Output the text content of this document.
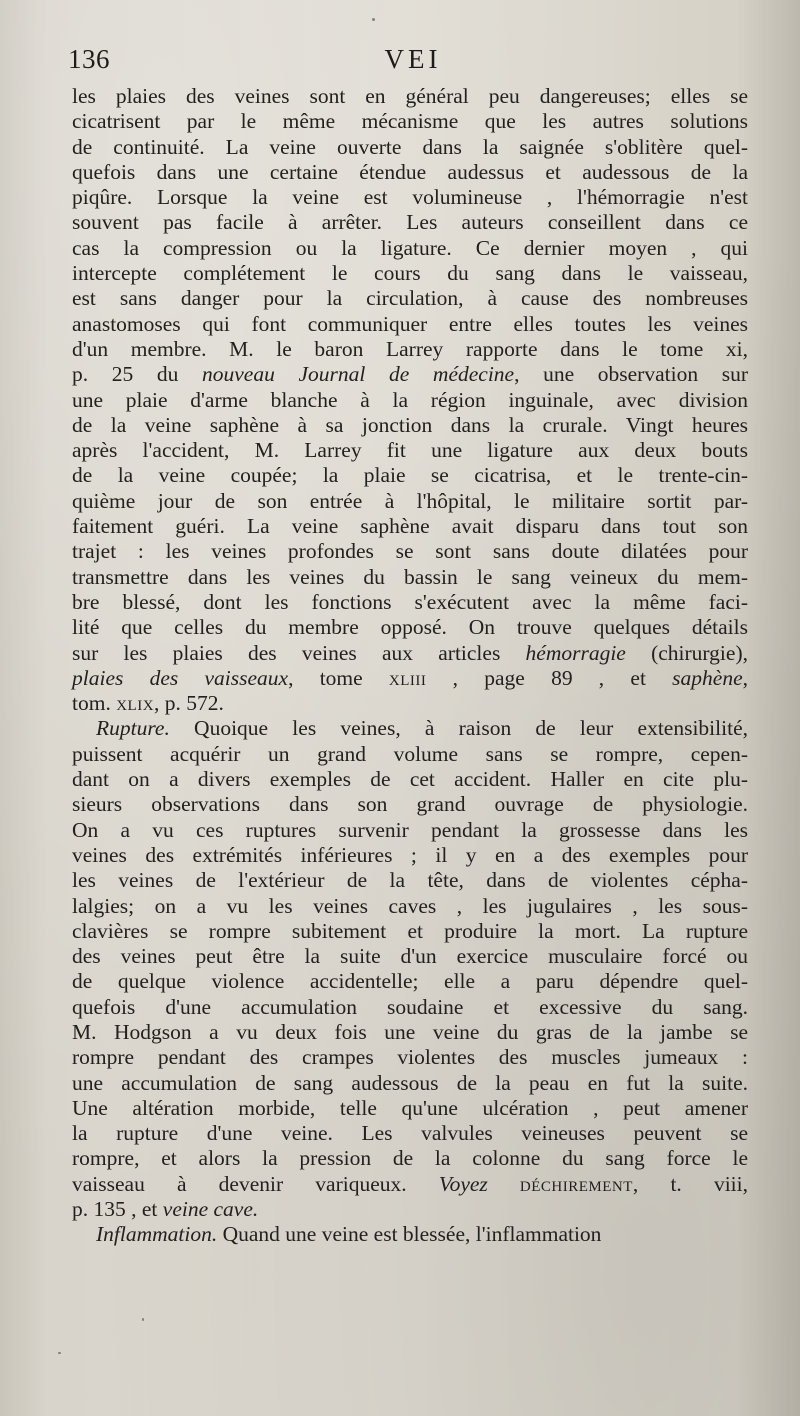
136	VEI
les plaies des veines sont en général peu dangereuses; elles se
cicatrisent par le même mécanisme que les autres solutions
de continuité. La veine ouverte dans la saignée s'oblitère quel-
quefois dans une certaine étendue audessus et audessous de la
piqûre. Lorsque la veine est volumineuse , l'hémorragie n'est
souvent pas facile à arrêter. Les auteurs conseillent dans ce
cas la compression ou la ligature. Ce dernier moyen , qui
intercepte complétement le cours du sang dans le vaisseau,
est sans danger pour la circulation, à cause des nombreuses
anastomoses qui font communiquer entre elles toutes les veines
d'un membre. M. le baron Larrey rapporte dans le tome xi,
p. 25 du nouveau Journal de médecine, une observation sur
une plaie d'arme blanche à la région inguinale, avec division
de la veine saphène à sa jonction dans la crurale. Vingt heures
après l'accident, M. Larrey fit une ligature aux deux bouts
de la veine coupée; la plaie se cicatrisa, et le trente-cin-
quième jour de son entrée à l'hôpital, le militaire sortit par-
faitement guéri. La veine saphène avait disparu dans tout son
trajet : les veines profondes se sont sans doute dilatées pour
transmettre dans les veines du bassin le sang veineux du mem-
bre blessé, dont les fonctions s'exécutent avec la même faci-
lité que celles du membre opposé. On trouve quelques détails
sur les plaies des veines aux articles hémorragie (chirurgie),
plaies des vaisseaux, tome xliii , page 89 , et saphène,
tom. xlix, p. 572.
Rupture. Quoique les veines, à raison de leur extensibilité,
puissent acquérir un grand volume sans se rompre, cepen-
dant on a divers exemples de cet accident. Haller en cite plu-
sieurs observations dans son grand ouvrage de physiologie.
On a vu ces ruptures survenir pendant la grossesse dans les
veines des extrémités inférieures ; il y en a des exemples pour
les veines de l'extérieur de la tête, dans de violentes cépha-
lalgies; on a vu les veines caves , les jugulaires , les sous-
clavières se rompre subitement et produire la mort. La rupture
des veines peut être la suite d'un exercice musculaire forcé ou
de quelque violence accidentelle; elle a paru dépendre quel-
quefois d'une accumulation soudaine et excessive du sang.
M. Hodgson a vu deux fois une veine du gras de la jambe se
rompre pendant des crampes violentes des muscles jumeaux :
une accumulation de sang audessous de la peau en fut la suite.
Une altération morbide, telle qu'une ulcération , peut amener
la rupture d'une veine. Les valvules veineuses peuvent se
rompre, et alors la pression de la colonne du sang force le
vaisseau à devenir variqueux. Voyez déchirement, t. viii,
p. 135 , et veine cave.
Inflammation. Quand une veine est blessée, l'inflammation
